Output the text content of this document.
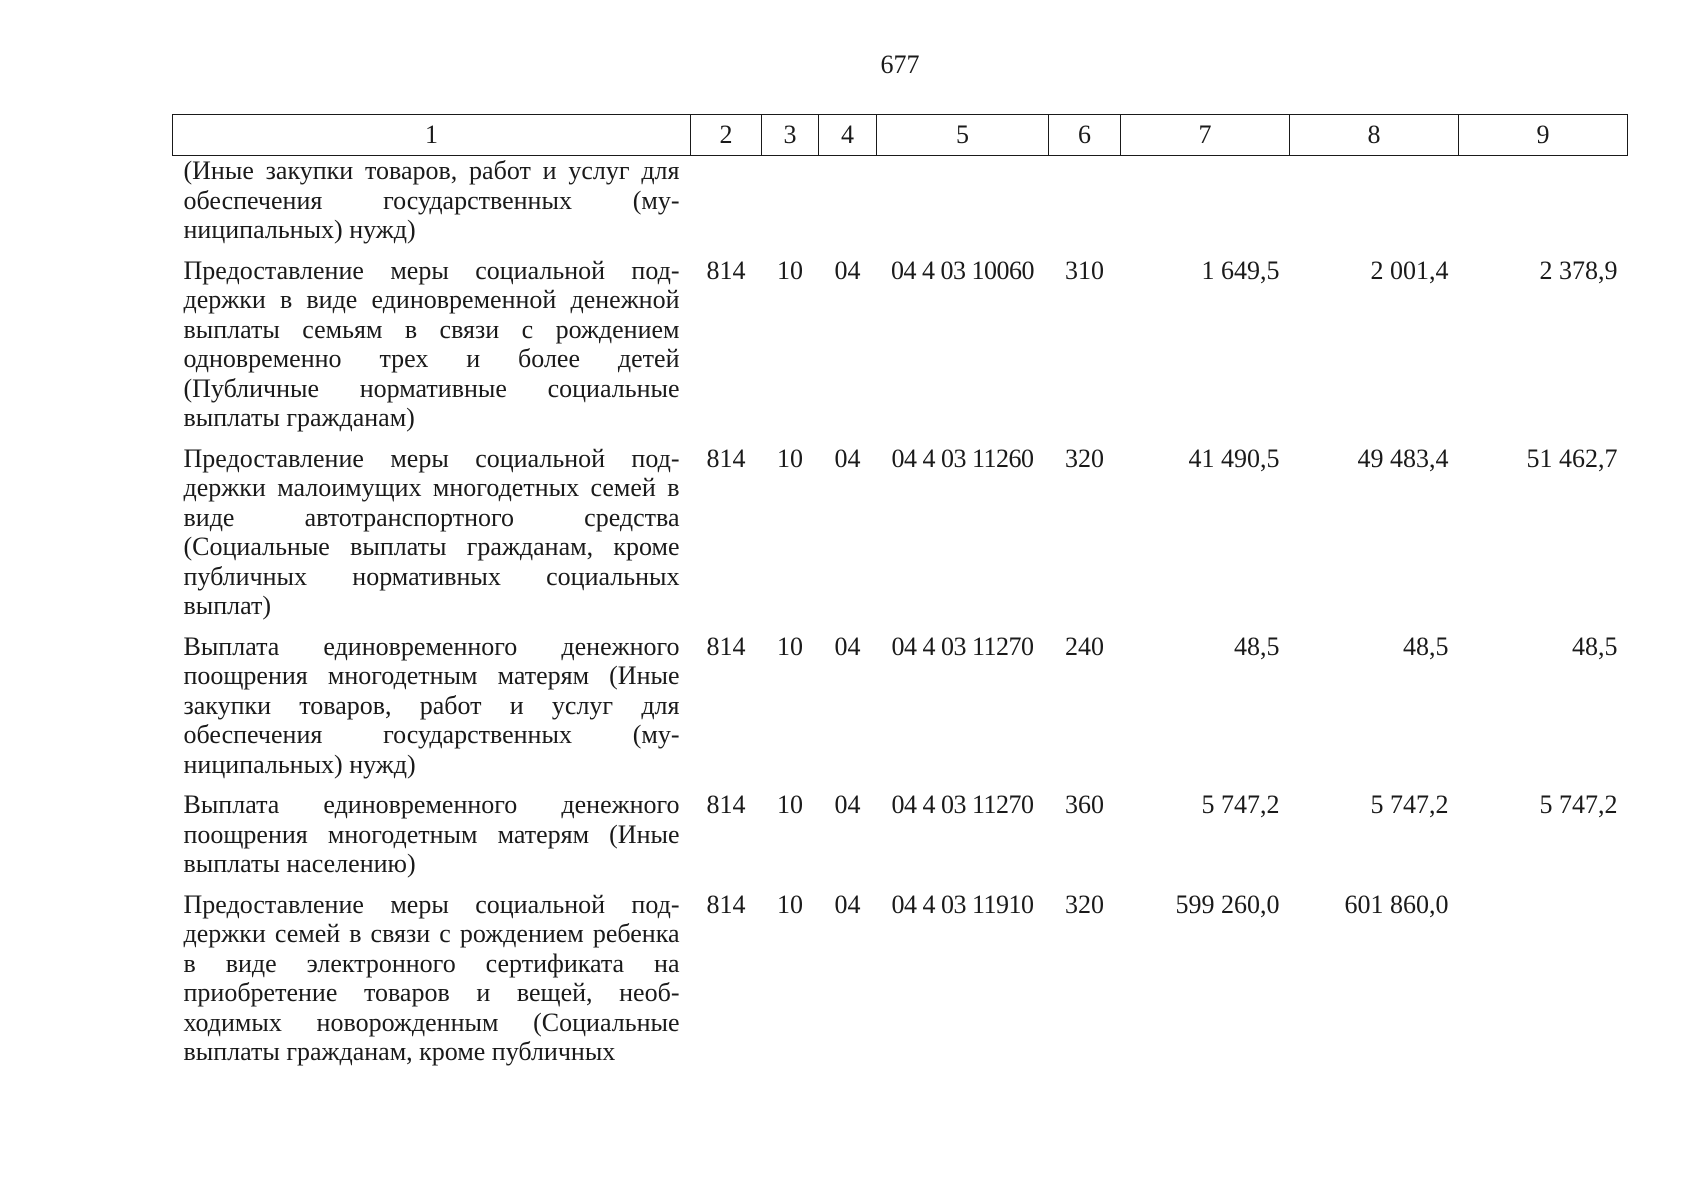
677
1	2	3	4	5	6	7	8	9
(Иные закупки товаров, работ и услуг для обеспечения государственных (муниципальных) нужд)								
Предоставление меры социальной поддержки в виде единовременной денежной выплаты семьям в связи с рождением одновременно трех и более детей (Публичные нормативные социальные выплаты гражданам)	814	10	04	04 4 03 10060	310	1 649,5	2 001,4	2 378,9
Предоставление меры социальной поддержки малоимущих многодетных семей в виде автотранспортного средства (Социальные выплаты гражданам, кроме публичных нормативных социальных выплат)	814	10	04	04 4 03 11260	320	41 490,5	49 483,4	51 462,7
Выплата единовременного денежного поощрения многодетным матерям (Иные закупки товаров, работ и услуг для обеспечения государственных (муниципальных) нужд)	814	10	04	04 4 03 11270	240	48,5	48,5	48,5
Выплата единовременного денежного поощрения многодетным матерям (Иные выплаты населению)	814	10	04	04 4 03 11270	360	5 747,2	5 747,2	5 747,2
Предоставление меры социальной поддержки семей в связи с рождением ребенка в виде электронного сертификата на приобретение товаров и вещей, необходимых новорожденным (Социальные выплаты гражданам, кроме публичных	814	10	04	04 4 03 11910	320	599 260,0	601 860,0	
